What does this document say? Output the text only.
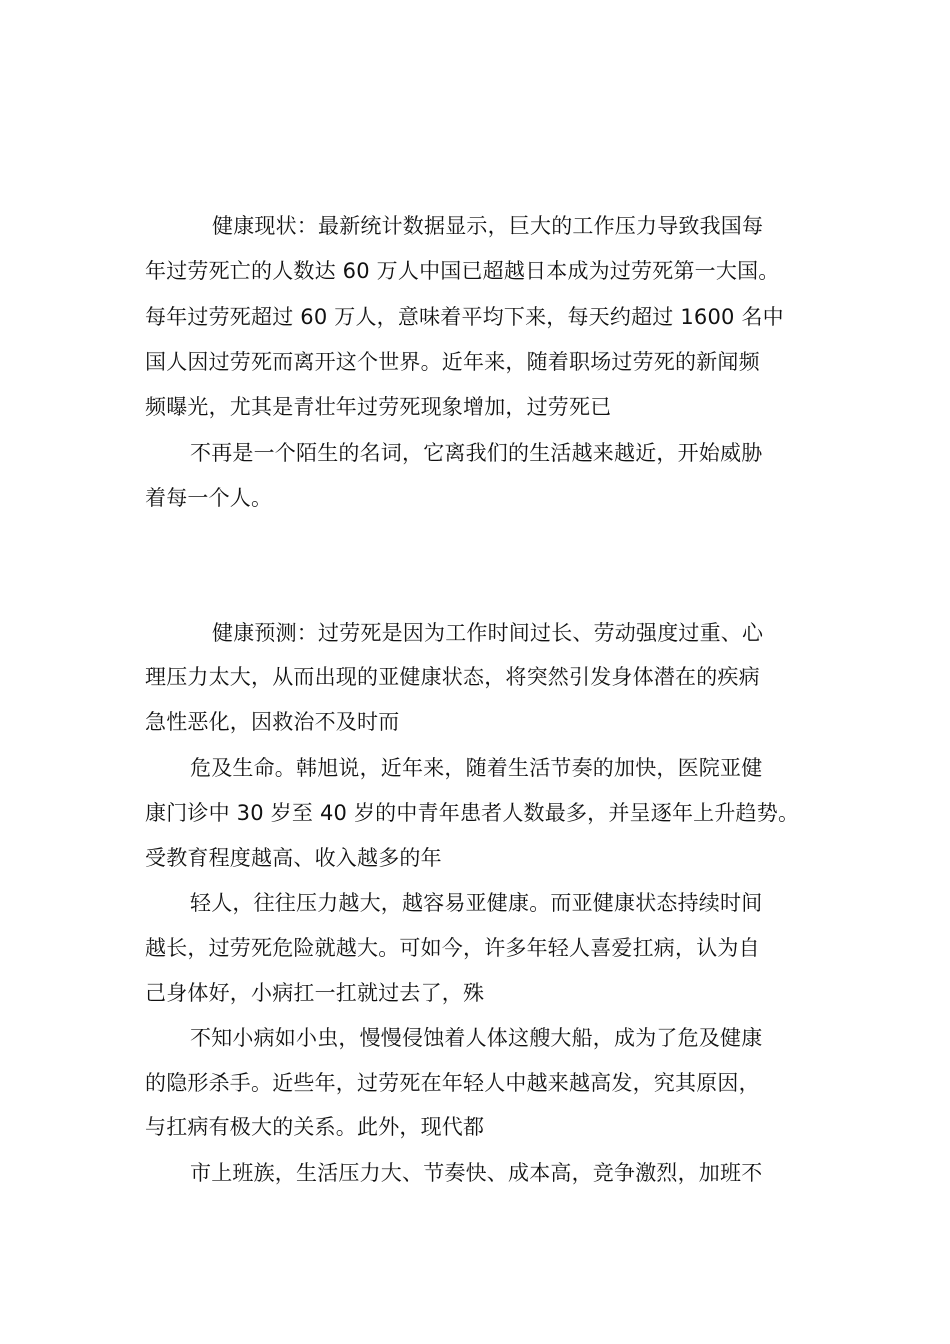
健康现状：最新统计数据显示，巨大的工作压力导致我国每
年过劳死亡的人数达 60 万人中国已超越日本成为过劳死第一大国。
每年过劳死超过 60 万人，意味着平均下来，每天约超过 1600 名中
国人因过劳死而离开这个世界。近年来，随着职场过劳死的新闻频
频曝光，尤其是青壮年过劳死现象增加，过劳死已
不再是一个陌生的名词，它离我们的生活越来越近，开始威胁
着每一个人。
健康预测：过劳死是因为工作时间过长、劳动强度过重、心
理压力太大，从而出现的亚健康状态，将突然引发身体潜在的疾病
急性恶化，因救治不及时而
危及生命。韩旭说，近年来，随着生活节奏的加快，医院亚健
康门诊中 30 岁至 40 岁的中青年患者人数最多，并呈逐年上升趋势。
受教育程度越高、收入越多的年
轻人，往往压力越大，越容易亚健康。而亚健康状态持续时间
越长，过劳死危险就越大。可如今，许多年轻人喜爱扛病，认为自
己身体好，小病扛一扛就过去了，殊
不知小病如小虫，慢慢侵蚀着人体这艘大船，成为了危及健康
的隐形杀手。近些年，过劳死在年轻人中越来越高发，究其原因，
与扛病有极大的关系。此外，现代都
市上班族，生活压力大、节奏快、成本高，竞争激烈，加班不
